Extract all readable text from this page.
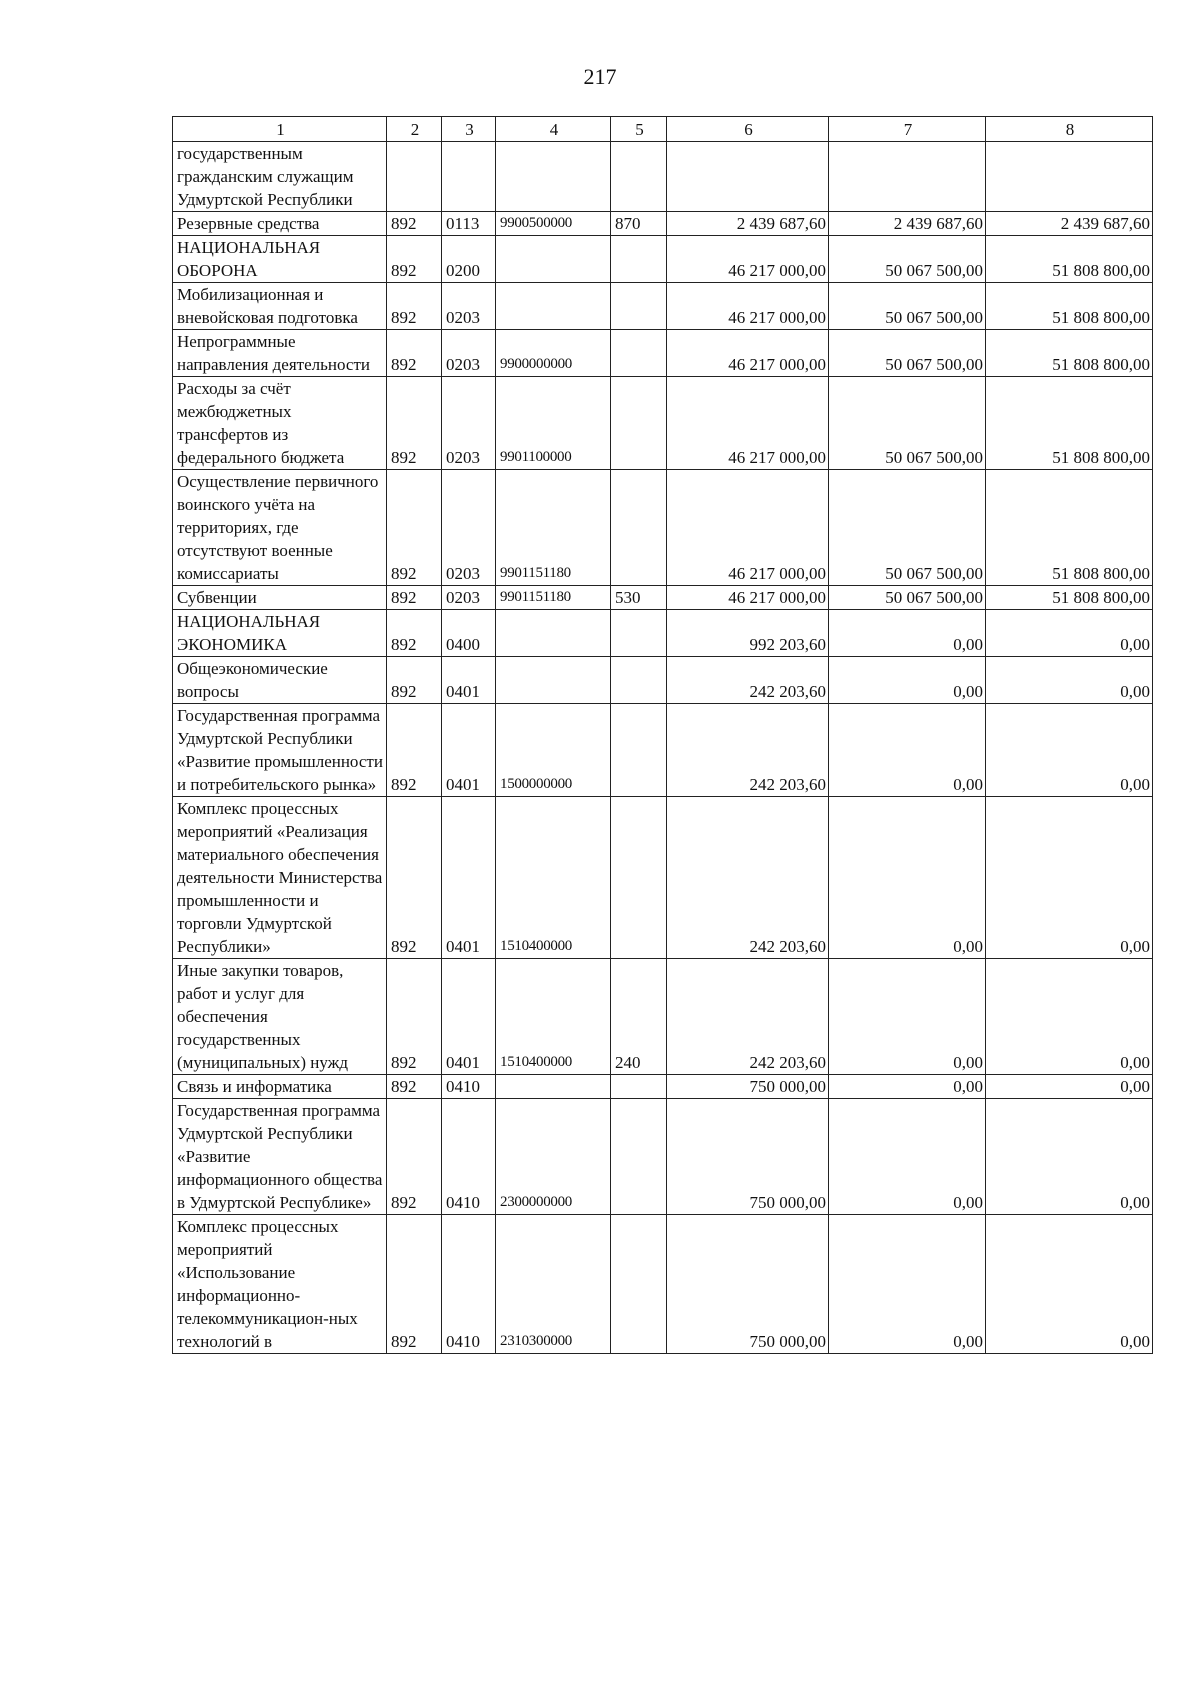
217
1	2	3	4	5	6	7	8
государственным гражданским служащим Удмуртской Республики							
Резервные средства	892	0113	9900500000	870	2 439 687,60	2 439 687,60	2 439 687,60
НАЦИОНАЛЬНАЯ ОБОРОНА	892	0200			46 217 000,00	50 067 500,00	51 808 800,00
Мобилизационная и вневойсковая подготовка	892	0203			46 217 000,00	50 067 500,00	51 808 800,00
Непрограммные направления деятельности	892	0203	9900000000		46 217 000,00	50 067 500,00	51 808 800,00
Расходы за счёт межбюджетных трансфертов из федерального бюджета	892	0203	9901100000		46 217 000,00	50 067 500,00	51 808 800,00
Осуществление первичного воинского учёта на территориях, где отсутствуют военные комиссариаты	892	0203	9901151180		46 217 000,00	50 067 500,00	51 808 800,00
Субвенции	892	0203	9901151180	530	46 217 000,00	50 067 500,00	51 808 800,00
НАЦИОНАЛЬНАЯ ЭКОНОМИКА	892	0400			992 203,60	0,00	0,00
Общеэкономические вопросы	892	0401			242 203,60	0,00	0,00
Государственная программа Удмуртской Республики «Развитие промышленности и потребительского рынка»	892	0401	1500000000		242 203,60	0,00	0,00
Комплекс процессных мероприятий «Реализация материального обеспечения деятельности Министерства промышленности и торговли Удмуртской Республики»	892	0401	1510400000		242 203,60	0,00	0,00
Иные закупки товаров, работ и услуг для обеспечения государственных (муниципальных) нужд	892	0401	1510400000	240	242 203,60	0,00	0,00
Связь и информатика	892	0410			750 000,00	0,00	0,00
Государственная программа Удмуртской Республики «Развитие информационного общества в Удмуртской Республике»	892	0410	2300000000		750 000,00	0,00	0,00
Комплекс процессных мероприятий «Использование информационно-телекоммуникацион-ных технологий в	892	0410	2310300000		750 000,00	0,00	0,00
